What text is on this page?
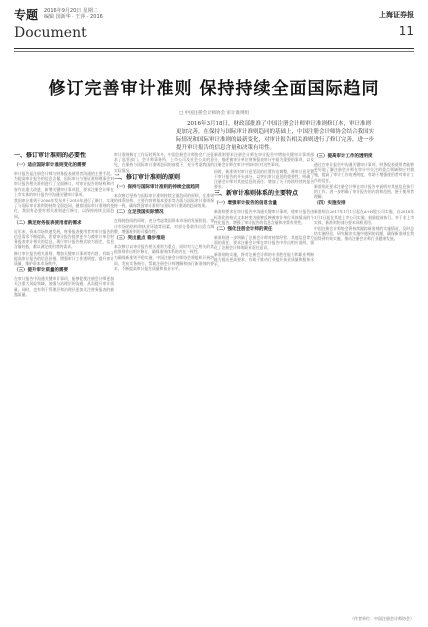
专题 2016年9月20日 星期二
编辑 国新华 · 王萍 · 2016
Document
上海证券报
11
修订完善审计准则 保持持续全面国际趋同
□ 中国注册会计师协会 审计准则组
2016年3月18日，财政部批准了中国注册会计师审计准则修订本，审计准则更加完善，在保持与国际审计准则趋同的基础上，中国注册会计师协会结合我国实际情况和国际审计准则的最新变化，对审计报告相关准则进行了修订完善，进一步提升审计报告的信息含量和决策有用性。
一、修订审计准则的必要性
（一）适应国际审计准则变化的需要

审计报告是注册会计师与财务报表使用者沟通的主要手段。为提高审计报告的信息含量，国际审计与鉴证准则理事会对审计报告相关准则进行了全面修订，对审计报告的结构和内容作出重大改进，新增关键审计事项段，要求注册会计师在上市实体的审计报告中沟通关键审计事项。

我国审计准则于2006年发布并于2010年进行了修订，实现了与国际审计准则的持续全面趋同。随着国际审计准则的变化，我国有必要对相关准则进行修订，以保持持续全面趋同。

（二）满足财务报表使用者的需求

近年来，资本市场快速发展，财务报表使用者对审计报告的信息需求不断提高，希望审计报告提供更多与被审计单位财务报表审计相关的信息。现行审计报告格式较为固定，信息含量较低，难以满足使用者的需求。

修订审计报告相关准则，增加关键审计事项等内容，有助于提高审计报告的信息价值，增强审计工作透明度，提升审计质量，维护资本市场秩序。

（三）提升审计质量的需要

在审计报告中沟通关键审计事项，能够促使注册会计师更加关注重大风险领域，加强与治理层的沟通，从而提升审计质量。同时，也有利于管理层和治理层更加关注财务报表的披露质量。

审计准则修订工作历时两年多，中国注册会计师协会广泛征求了监管部门、会计师事务所、上市公司及社会公众的意见，在保持与国际审计准则趋同的前提下，充分考虑我国的实际情况。

二、修订审计准则的原则
（一）保持与国际审计准则的持续全面趋同

本次修订坚持与国际审计准则持续全面趋同的原则，在准则的体系结构、主要内容和基本要求等方面与国际审计准则保持一致，确保我国审计准则与国际审计准则的趋同效果。

（二）立足我国实际情况

在保持趋同的同时，充分考虑我国资本市场的发展阶段、审计市场的结构和执业环境等因素，对部分条款作出适当调整，增强准则的可操作性。

（三）突出重点 稳步推进

本次修订以审计报告相关准则为重点，同时对与之相关的其他准则作出相应修订，确保准则体系的内在一致性。

为确保新准则平稳实施，中国注册会计师协会将组织开展培训，发布实务指引，帮助注册会计师理解和执行新准则的要求，不断提高审计报告质量和执业水平。

新准则要求注册会计师在审计报告中增加关键审计事项部分，描述被审计单位财务报表审计中最为重要的事项，以及注册会计师在审计中如何应对这些事项。

同时，新准则对审计意见段的位置作出调整，将审计意见置于审计报告的开头部分，以突出审计意见的重要性；明确了注册会计师对其他信息的责任；增加了关于持续经营的报告要求。

三、新审计准则体系的主要特点
（一）增强审计报告的信息含量

新准则要求在审计报告中沟通关键审计事项，使审计报告由标准化的格式文本转变为能够反映被审计单位具体情况的个性化报告，增强了审计报告的信息含量和决策有用性。

（二）强化注册会计师的责任

新准则进一步明确了注册会计师对持续经营、其他信息等方面的责任，要求注册会计师在审计报告中作出相应说明，强化了注册会计师的职业责任意识。

新准则的实施，将对注册会计师的专业胜任能力和职业判断能力提出更高要求，有助于推动行业提升执业质量和服务水平。

（三）提高审计工作的透明度

通过在审计报告中沟通关键审计事项，财务报表使用者能够更好地了解注册会计师在审计中关注的重点领域和应对措施，提高了审计工作的透明度，有助于增强使用者对审计工作的信任。

新准则还要求注册会计师在审计报告中说明对其他信息执行的工作，进一步明确了审计报告的内容和范围，便于使用者理解。

（四）实施安排

新准则自2017年1月1日起在A+H股公司实施，自2018年1月1日起在其他上市公司实施，鼓励提前执行。对于非上市实体，新准则的部分要求同样适用。

中国注册会计师协会将持续跟踪新准则的实施情况，及时总结实施经验，研究解决实施中遇到的问题，确保新准则在我国得到有效实施，推动注册会计师行业健康发展。

（作者单位：中国注册会计师协会）
